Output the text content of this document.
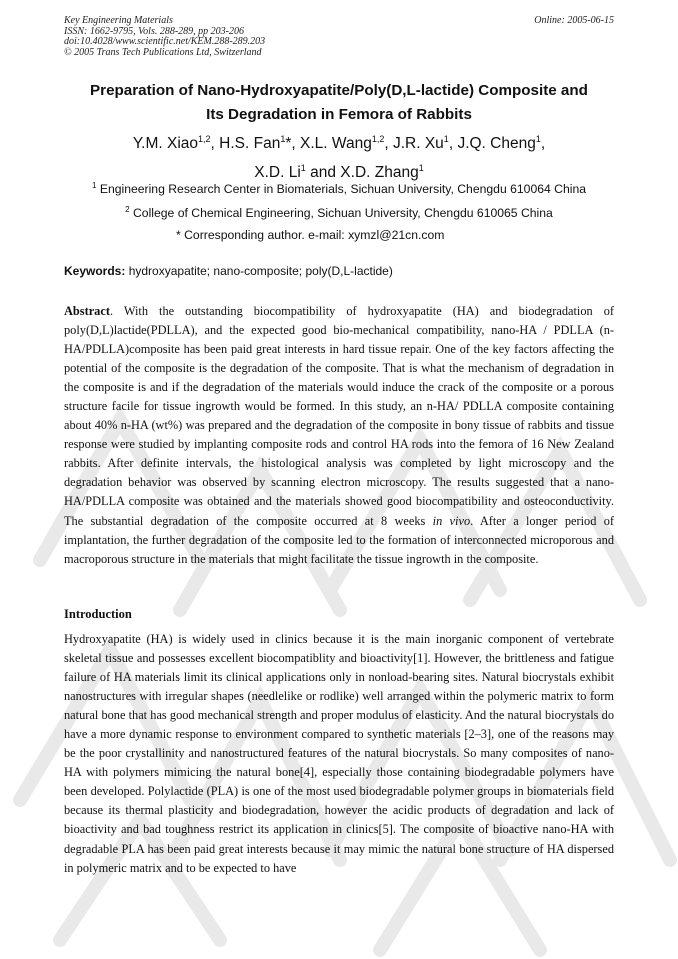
Key Engineering Materials
ISSN: 1662-9795, Vols. 288-289, pp 203-206
doi:10.4028/www.scientific.net/KEM.288-289.203
© 2005 Trans Tech Publications Ltd, Switzerland
Online: 2005-06-15
Preparation of Nano-Hydroxyapatite/Poly(D,L-lactide) Composite and
Its Degradation in Femora of Rabbits
Y.M. Xiao$^{1,2}$, H.S. Fan$^1$*, X.L. Wang$^{1,2}$, J.R. Xu$^1$, J.Q. Cheng$^1$,
X.D. Li$^1$ and X.D. Zhang$^1$
$^1$ Engineering Research Center in Biomaterials, Sichuan University, Chengdu 610064 China
$^2$ College of Chemical Engineering, Sichuan University, Chengdu 610065 China
* Corresponding author. e-mail: xymzl@21cn.com
Keywords: hydroxyapatite; nano-composite; poly(D,L-lactide)
Abstract. With the outstanding biocompatibility of hydroxyapatite (HA) and biodegradation of poly(D,L)lactide(PDLLA), and the expected good bio-mechanical compatibility, nano-HA / PDLLA (n-HA/PDLLA)composite has been paid great interests in hard tissue repair. One of the key factors affecting the potential of the composite is the degradation of the composite. That is what the mechanism of degradation in the composite is and if the degradation of the materials would induce the crack of the composite or a porous structure facile for tissue ingrowth would be formed. In this study, an n-HA/ PDLLA composite containing about 40% n-HA (wt%) was prepared and the degradation of the composite in bony tissue of rabbits and tissue response were studied by implanting composite rods and control HA rods into the femora of 16 New Zealand rabbits. After definite intervals, the histological analysis was completed by light microscopy and the degradation behavior was observed by scanning electron microscopy. The results suggested that a nano-HA/PDLLA composite was obtained and the materials showed good biocompatibility and osteoconductivity. The substantial degradation of the composite occurred at 8 weeks in vivo. After a longer period of implantation, the further degradation of the composite led to the formation of interconnected microporous and macroporous structure in the materials that might facilitate the tissue ingrowth in the composite.
Introduction
Hydroxyapatite (HA) is widely used in clinics because it is the main inorganic component of vertebrate skeletal tissue and possesses excellent biocompatiblity and bioactivity[1]. However, the brittleness and fatigue failure of HA materials limit its clinical applications only in nonload-bearing sites. Natural biocrystals exhibit nanostructures with irregular shapes (needlelike or rodlike) well arranged within the polymeric matrix to form natural bone that has good mechanical strength and proper modulus of elasticity. And the natural biocrystals do have a more dynamic response to environment compared to synthetic materials [2–3], one of the reasons may be the poor crystallinity and nanostructured features of the natural biocrystals. So many composites of nano-HA with polymers mimicing the natural bone[4], especially those containing biodegradable polymers have been developed. Polylactide (PLA) is one of the most used biodegradable polymer groups in biomaterials field because its thermal plasticity and biodegradation, however the acidic products of degradation and lack of bioactivity and bad toughness restrict its application in clinics[5]. The composite of bioactive nano-HA with degradable PLA has been paid great interests because it may mimic the natural bone structure of HA dispersed in polymeric matrix and to be expected to have
